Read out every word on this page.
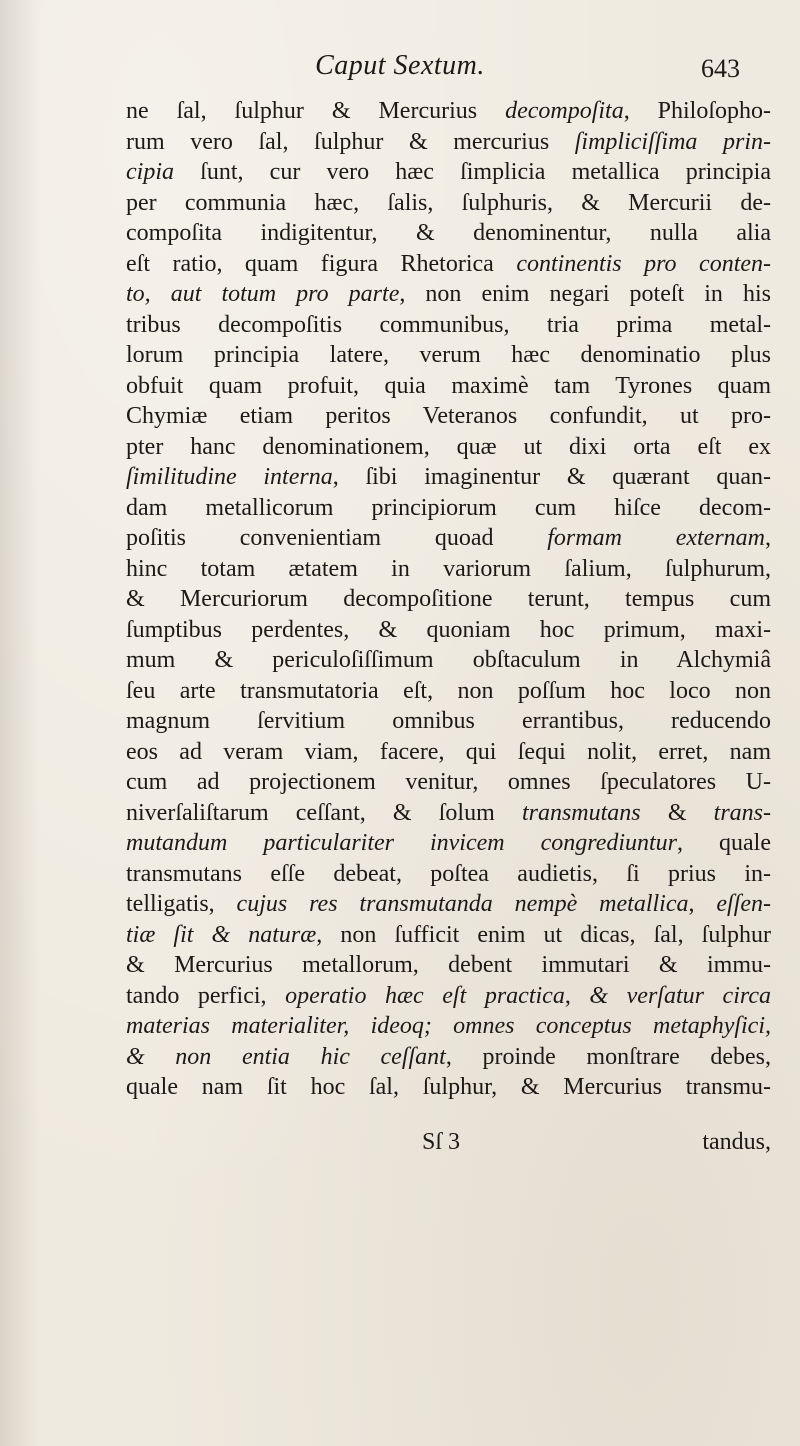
Caput Sextum.	643
ne ſal, ſulphur & Mercurius decompoſita, Philoſopho-
rum vero ſal, ſulphur & mercurius ſimpliciſſima prin-
cipia ſunt, cur vero hæc ſimplicia metallica principia
per communia hæc, ſalis, ſulphuris, & Mercurii de-
compoſita indigitentur, & denominentur, nulla alia
eſt ratio, quam figura Rhetorica continentis pro conten-
to, aut totum pro parte, non enim negari poteſt in his
tribus decompoſitis communibus, tria prima metal-
lorum principia latere, verum hæc denominatio plus
obfuit quam profuit, quia maximè tam Tyrones quam
Chymiæ etiam peritos Veteranos confundit, ut pro-
pter hanc denominationem, quæ ut dixi orta eſt ex
ſimilitudine interna, ſibi imaginentur & quærant quan-
dam metallicorum principiorum cum hiſce decom-
poſitis convenientiam quoad formam externam,
hinc totam ætatem in variorum ſalium, ſulphurum,
& Mercuriorum decompoſitione terunt, tempus cum
ſumptibus perdentes, & quoniam hoc primum, maxi-
mum & periculoſiſſimum obſtaculum in Alchymiâ
ſeu arte transmutatoria eſt, non poſſum hoc loco non
magnum ſervitium omnibus errantibus, reducendo
eos ad veram viam, facere, qui ſequi nolit, erret, nam
cum ad projectionem venitur, omnes ſpeculatores U-
niverſaliſtarum ceſſant, & ſolum transmutans & trans-
mutandum particulariter invicem congrediuntur, quale
transmutans eſſe debeat, poſtea audietis, ſi prius in-
telligatis, cujus res transmutanda nempè metallica, eſſen-
tiæ ſit & naturæ, non ſufficit enim ut dicas, ſal, ſulphur
& Mercurius metallorum, debent immutari & immu-
tando perfici, operatio hæc eſt practica, & verſatur circa
materias materialiter, ideoq; omnes conceptus metaphyſici,
& non entia hic ceſſant, proinde monſtrare debes,
quale nam ſit hoc ſal, ſulphur, & Mercurius transmu-
Sſ 3	tandus,
